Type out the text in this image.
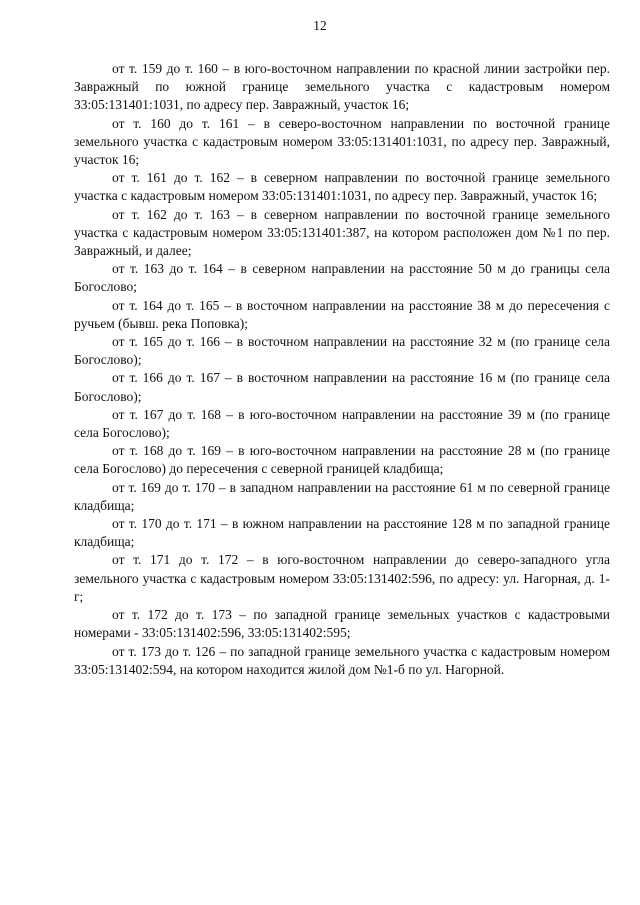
12

от т. 159 до т. 160 – в юго-восточном направлении по красной линии застройки пер. Завражный по южной границе земельного участка с кадастровым номером 33:05:131401:1031, по адресу пер. Завражный, участок 16;

от т. 160 до т. 161 – в северо-восточном направлении по восточной границе земельного участка с кадастровым номером 33:05:131401:1031, по адресу пер. Завражный, участок 16;

от т. 161 до т. 162 – в северном направлении по восточной границе земельного участка с кадастровым номером 33:05:131401:1031, по адресу пер. Завражный, участок 16;

от т. 162 до т. 163 – в северном направлении по восточной границе земельного участка с кадастровым номером 33:05:131401:387, на котором расположен дом №1 по пер. Завражный, и далее;

от т. 163 до т. 164 – в северном направлении на расстояние 50 м до границы села Богослово;

от т. 164 до т. 165 – в восточном направлении на расстояние 38 м до пересечения с ручьем (бывш. река Поповка);

от т. 165 до т. 166 – в восточном направлении на расстояние 32 м (по границе села Богослово);

от т. 166 до т. 167 – в восточном направлении на расстояние 16 м (по границе села Богослово);

от т. 167 до т. 168 – в юго-восточном направлении на расстояние 39 м (по границе села Богослово);

от т. 168 до т. 169 – в юго-восточном направлении на расстояние 28 м (по границе села Богослово) до пересечения с северной границей кладбища;

от т. 169 до т. 170 – в западном направлении на расстояние 61 м по северной границе кладбища;

от т. 170 до т. 171 – в южном направлении на расстояние 128 м по западной границе кладбища;

от т. 171 до т. 172 – в юго-восточном направлении до северо-западного угла земельного участка с кадастровым номером 33:05:131402:596, по адресу: ул. Нагорная, д. 1- г;

от т. 172 до т. 173 – по западной границе земельных участков с кадастровыми номерами - 33:05:131402:596, 33:05:131402:595;

от т. 173 до т. 126 – по западной границе земельного участка с кадастровым номером 33:05:131402:594, на котором находится жилой дом №1-б по ул. Нагорной.
